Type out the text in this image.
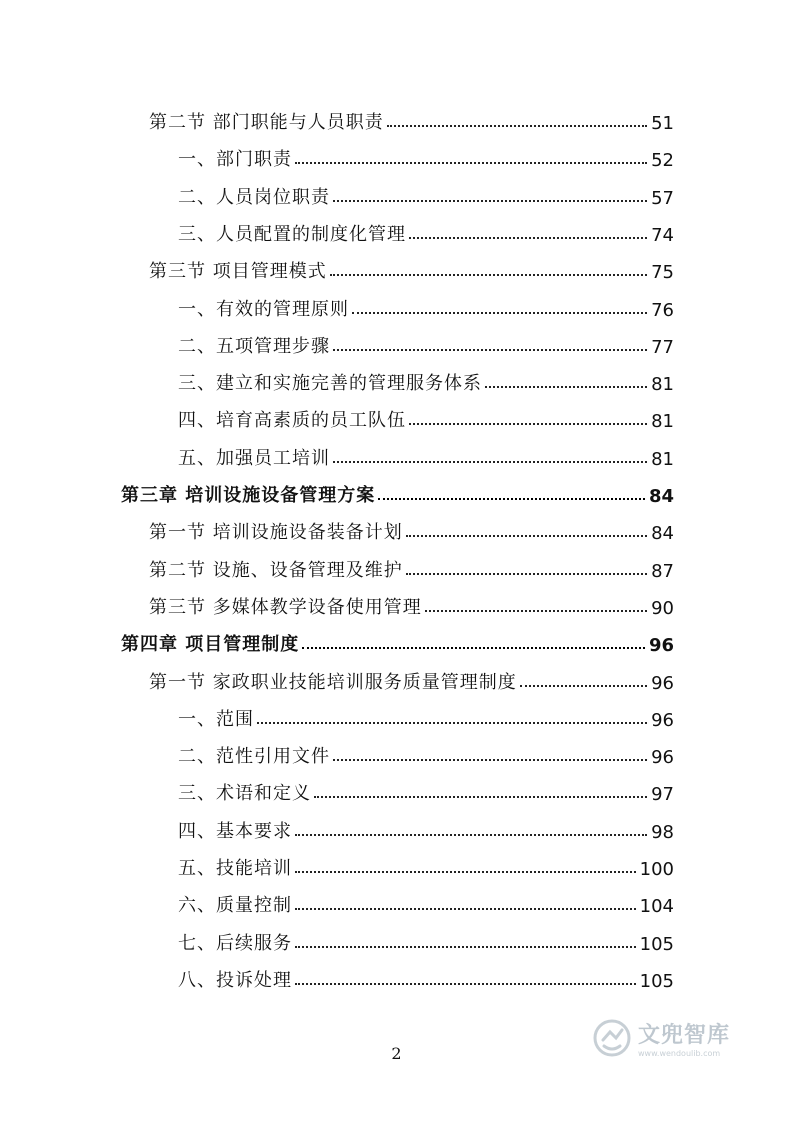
第二节 部门职能与人员职责	51
一、部门职责	52
二、人员岗位职责	57
三、人员配置的制度化管理	74
第三节 项目管理模式	75
一、有效的管理原则	76
二、五项管理步骤	77
三、建立和实施完善的管理服务体系	81
四、培育高素质的员工队伍	81
五、加强员工培训	81
第三章 培训设施设备管理方案	84
第一节 培训设施设备装备计划	84
第二节 设施、设备管理及维护	87
第三节 多媒体教学设备使用管理	90
第四章 项目管理制度	96
第一节 家政职业技能培训服务质量管理制度	96
一、范围	96
二、范性引用文件	96
三、术语和定义	97
四、基本要求	98
五、技能培训	100
六、质量控制	104
七、后续服务	105
八、投诉处理	105
2
文兜智库
www.wendoulib.com
